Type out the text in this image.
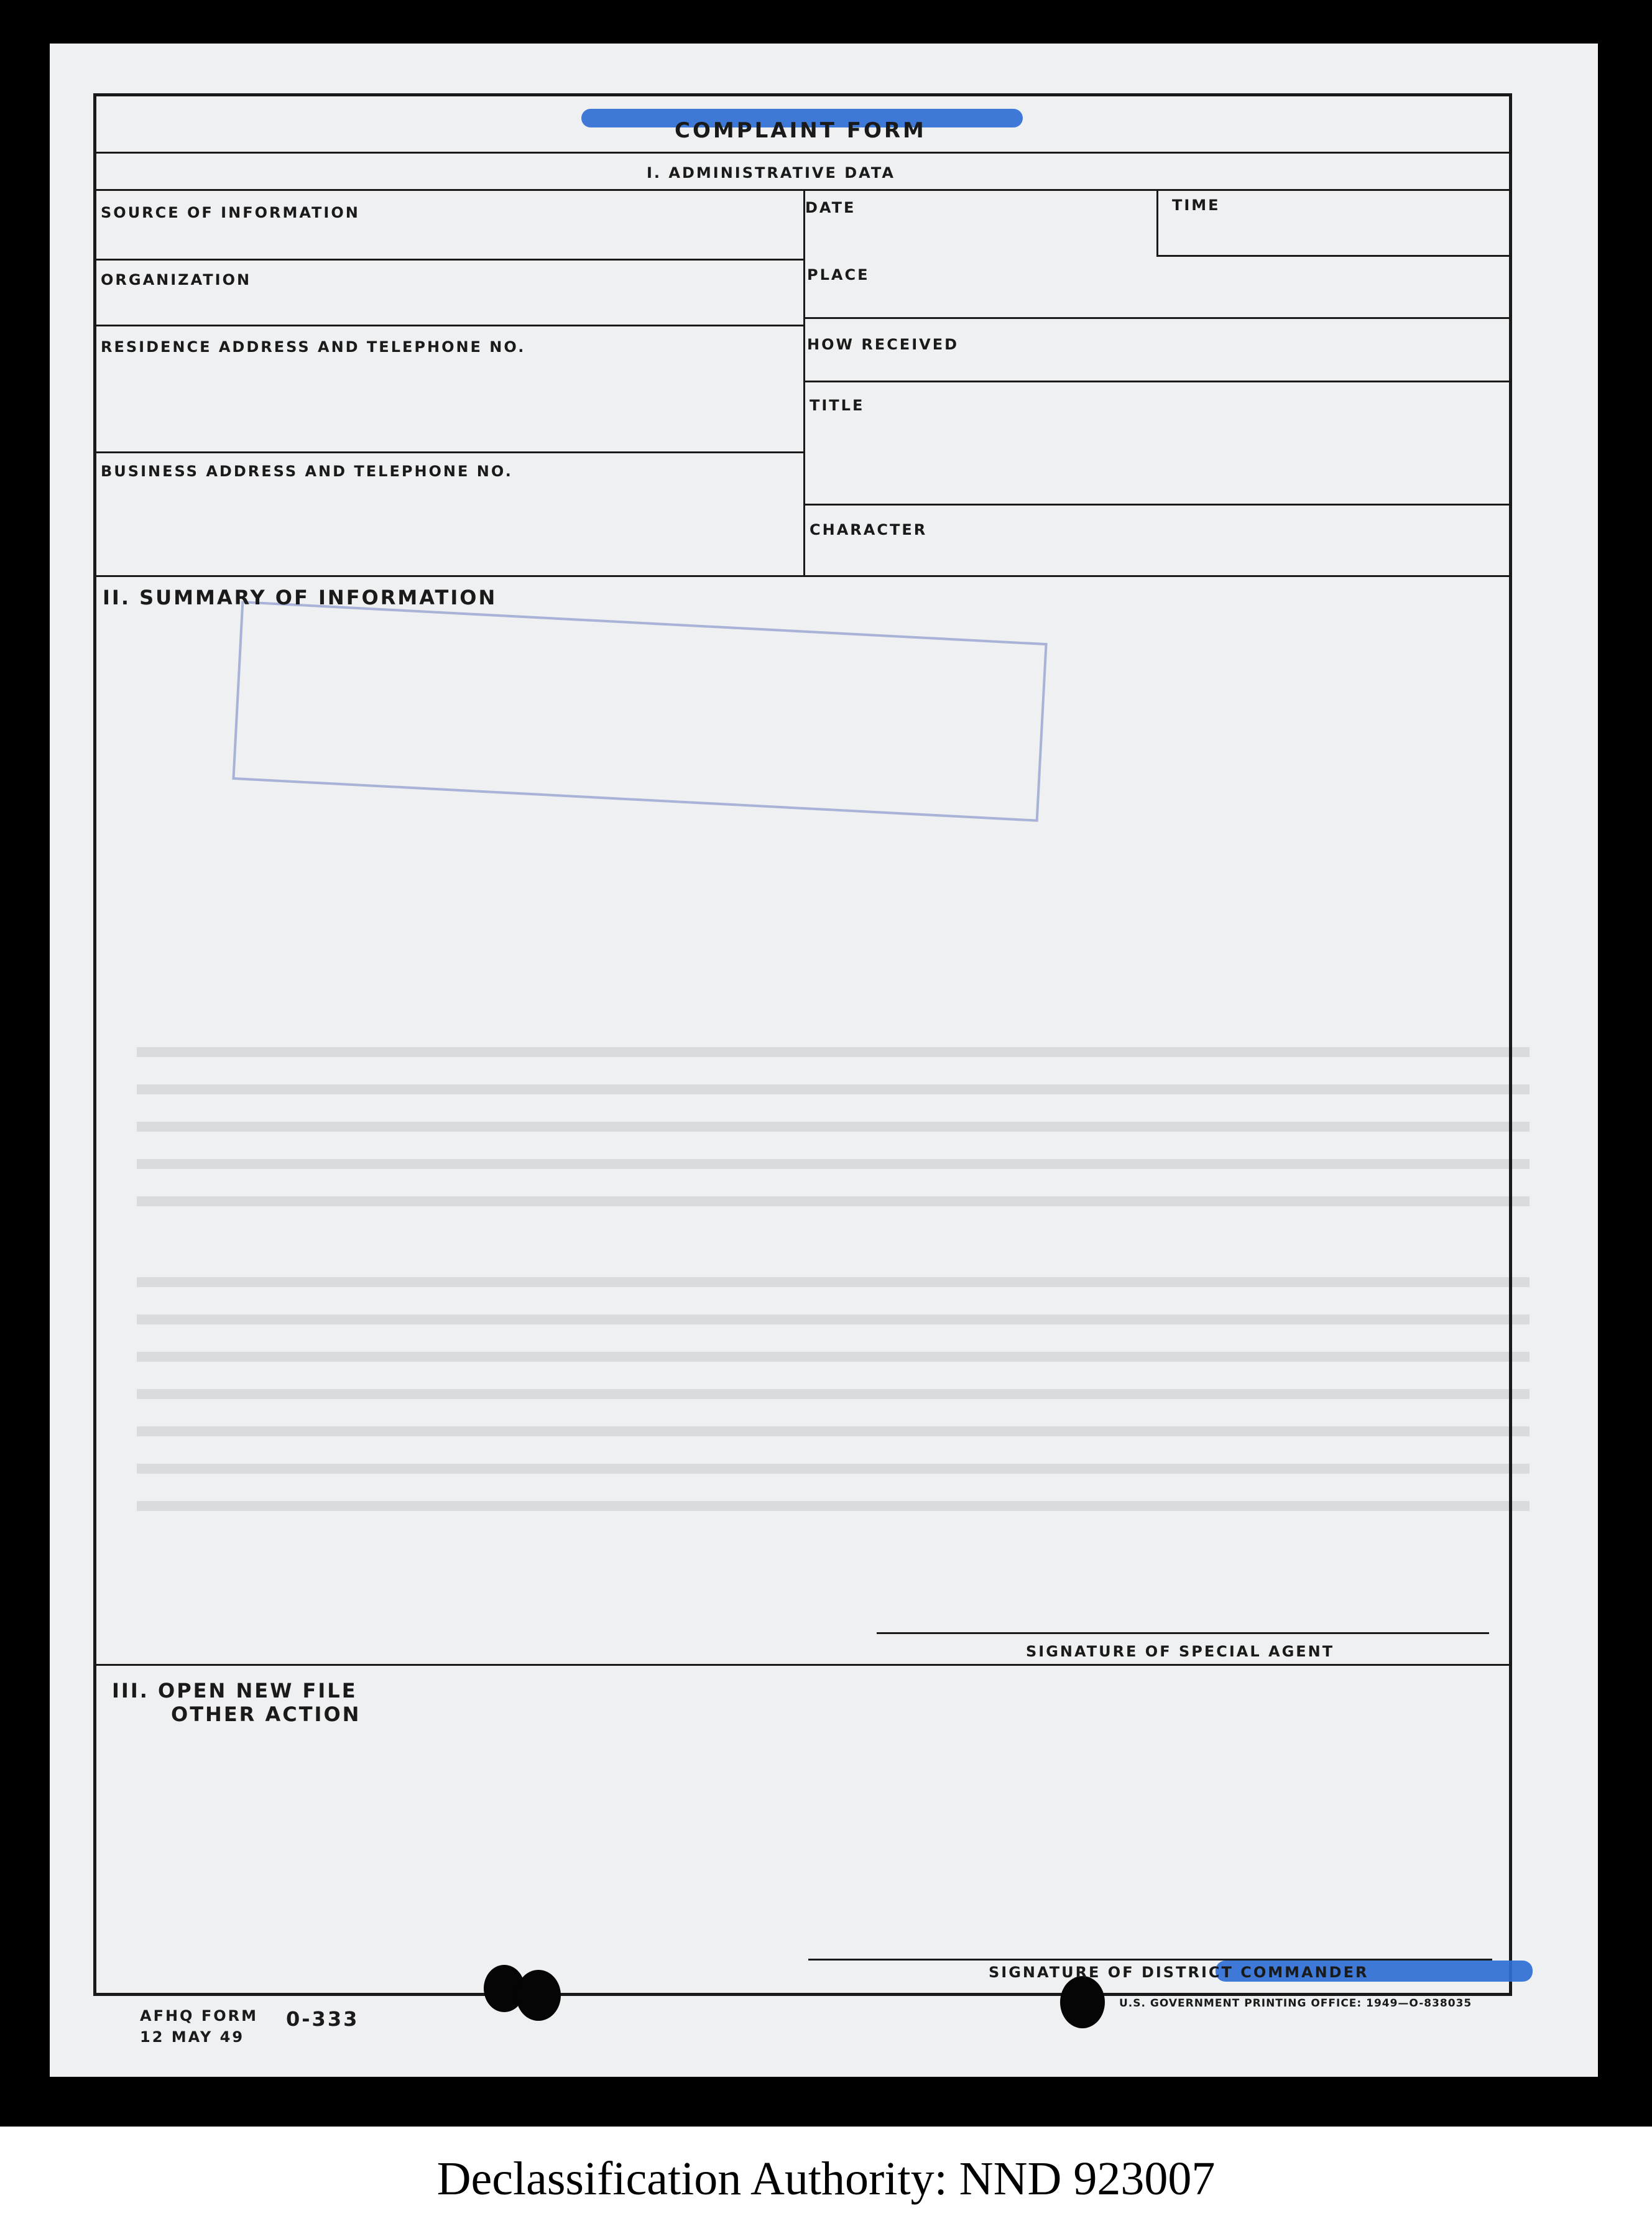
COMPLAINT FORM
I. ADMINISTRATIVE DATA
SOURCE OF INFORMATION	DATE	TIME
ORGANIZATION	PLACE
RESIDENCE ADDRESS AND TELEPHONE NO.	HOW RECEIVED
TITLE
BUSINESS ADDRESS AND TELEPHONE NO.
CHARACTER
II. SUMMARY OF INFORMATION
SIGNATURE OF SPECIAL AGENT
III. OPEN NEW FILE
OTHER ACTION
SIGNATURE OF DISTRICT COMMANDER
AFHQ FORM 0-333
12 MAY 49
U.S. GOVERNMENT PRINTING OFFICE: 1949—O-838035
Declassification Authority: NND 923007
